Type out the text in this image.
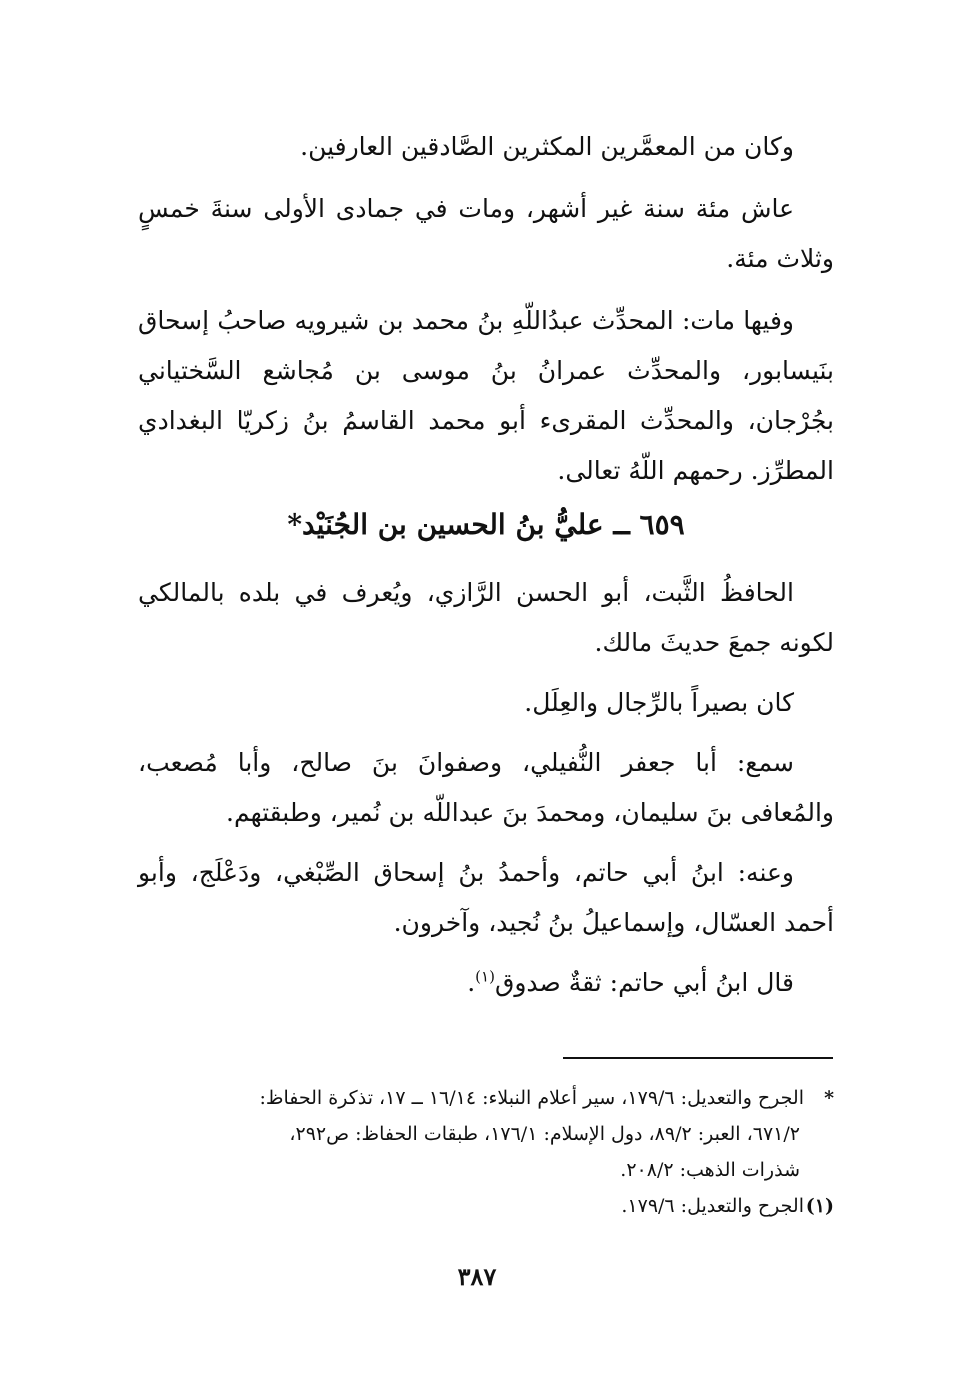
وكان من المعمَّرين المكثرين الصَّادقين العارفين.

عاش مئة سنة غير أشهر، ومات في جمادى الأولى سنةَ خمسٍ وثلاث مئة.

وفيها مات: المحدِّث عبدُاللّهِ بنُ محمد بن شيرويه صاحبُ إسحاق بنَيسابور، والمحدِّث عمرانُ بنُ موسى بن مُجاشع السَّختياني بجُرْجان، والمحدِّث المقرىء أبو محمد القاسمُ بنُ زكريّا البغدادي المطرِّز. رحمهم اللّهُ تعالى.

٦٥٩ ــ عليُّ بنُ الحسين بن الجُنَيْد*

الحافظُ الثَّبت، أبو الحسن الرَّازي، ويُعرف في بلده بالمالكي لكونه جمعَ حديثَ مالك.

كان بصيراً بالرِّجال والعِلَل.

سمع: أبا جعفر النُّفيلي، وصفوانَ بنَ صالح، وأبا مُصعب، والمُعافى بنَ سليمان، ومحمدَ بنَ عبداللّه بن نُمير، وطبقتهم.

وعنه: ابنُ أبي حاتم، وأحمدُ بنُ إسحاق الصِّبْغي، ودَعْلَج، وأبو أحمد العسّال، وإسماعيلُ بنُ نُجيد، وآخرون.

قال ابنُ أبي حاتم: ثقةٌ صدوق$^{(١)}$.

*الجرح والتعديل: ١٧٩/٦، سير أعلام النبلاء: ١٦/١٤ ــ ١٧، تذكرة الحفاظ:

٦٧١/٢، العبر: ٨٩/٢، دول الإسلام: ١٧٦/١، طبقات الحفاظ: ص٢٩٢،

شذرات الذهب: ٢٠٨/٢.

(١)الجرح والتعديل: ١٧٩/٦.

٣٨٧
